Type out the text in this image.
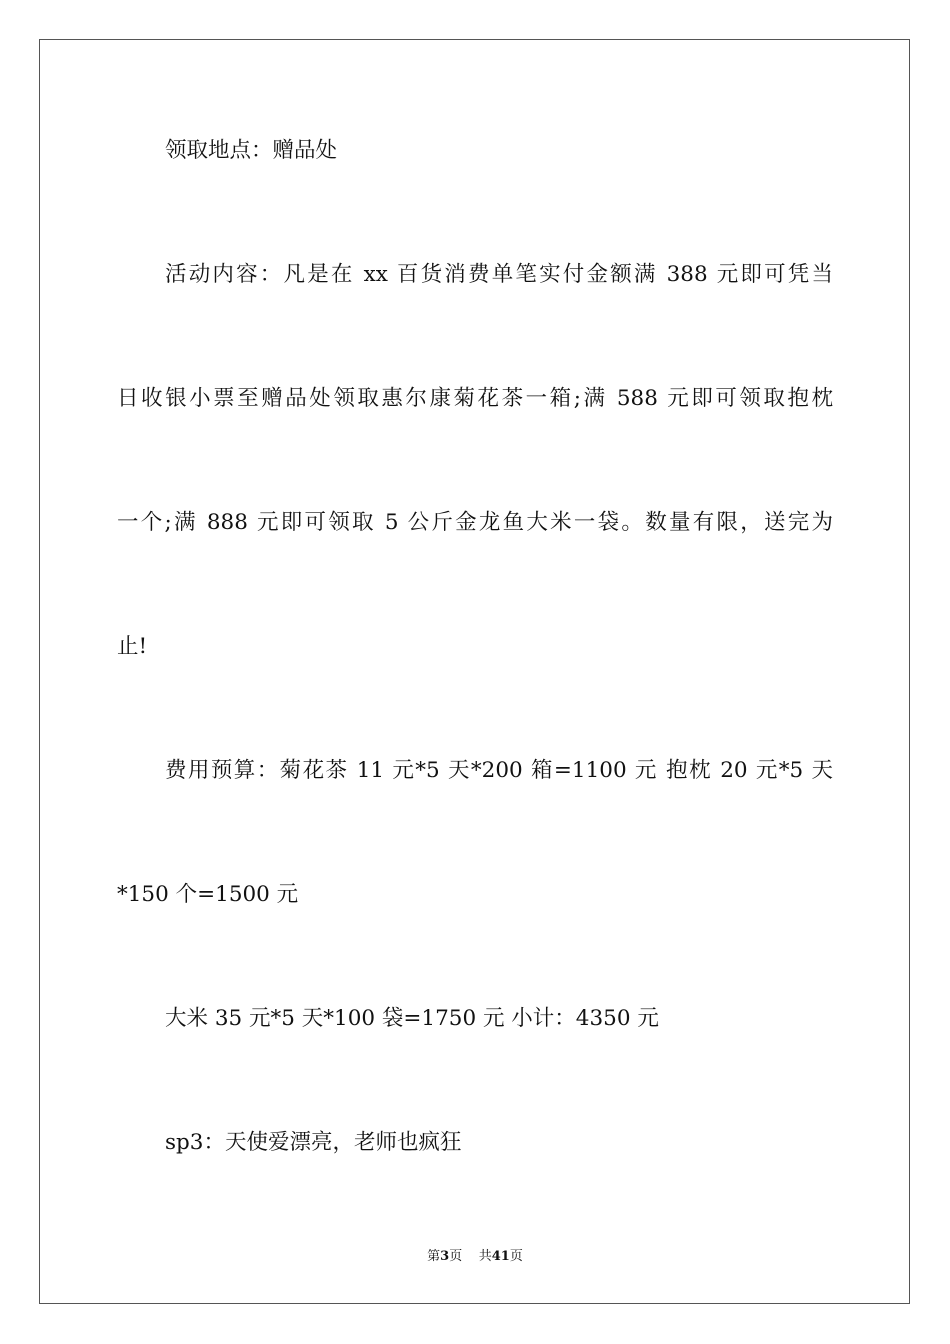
领取地点：赠品处

活动内容：凡是在 xx 百货消费单笔实付金额满 388 元即可凭当

日收银小票至赠品处领取惠尔康菊花茶一箱;满 588 元即可领取抱枕

一个;满 888 元即可领取 5 公斤金龙鱼大米一袋。数量有限，送完为

止!

费用预算：菊花茶 11 元*5 天*200 箱=1100 元 抱枕 20 元*5 天

*150 个=1500 元

大米 35 元*5 天*100 袋=1750 元 小计：4350 元

sp3：天使爱漂亮，老师也疯狂

第3页 共41页
